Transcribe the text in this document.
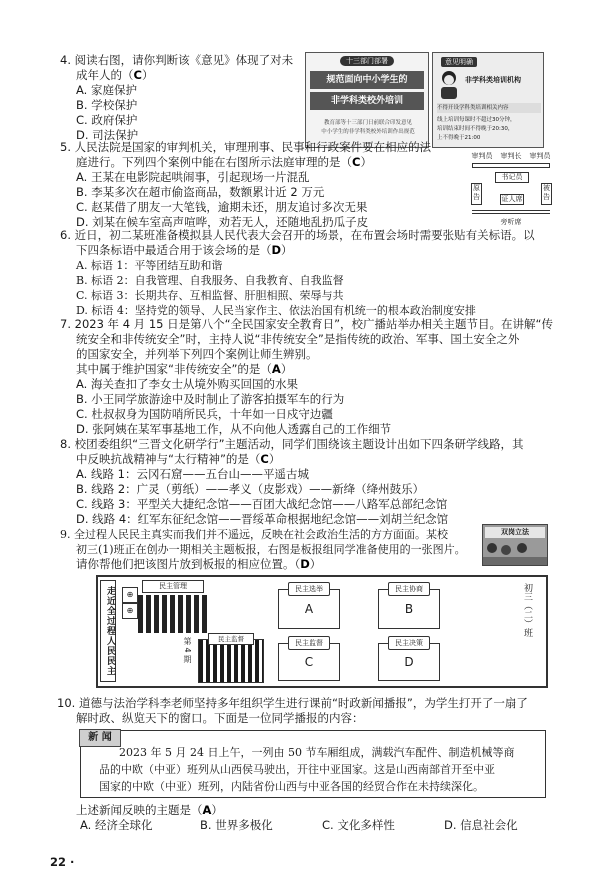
4. 阅读右图，请你判断该《意见》体现了对未
成年人的（C）
A. 家庭保护
B. 学校保护
C. 政府保护
D. 司法保护
十三部门部署
规范面向中小学生的
非学科类校外培训
教育部等十三部门日前联合印发意见
中小学生的非学科类校外培训作出规范
意见明确
非学科类培训机构
不得开设学科类培训相关内容
线上培训每课时不超过30分钟，
培训结束时间不得晚于20:30，
上不得晚于21:00
5. 人民法院是国家的审判机关，审理刑事、民事和行政案件要在相应的法
庭进行。下列四个案例中能在右图所示法庭审理的是（C）
A. 王某在电影院起哄闹事，引起现场一片混乱
B. 李某多次在超市偷盗商品，数额累计近 2 万元
C. 赵某借了朋友一大笔钱，逾期未还，朋友追讨多次无果
D. 刘某在候车室高声喧哗，劝若无人，还随地乱扔瓜子皮
审判员 审判长 审判员
书记员
原告
被告
证人席
旁听席
6. 近日，初二某班准备模拟县人民代表大会召开的场景，在布置会场时需要张贴有关标语。以
下四条标语中最适合用于该会场的是（D）
A. 标语 1：平等团结互助和谐
B. 标语 2：自我管理、自我服务、自我教育、自我监督
C. 标语 3：长期共存、互相监督、肝胆相照、荣辱与共
D. 标语 4：坚持党的领导、人民当家作主、依法治国有机统一的根本政治制度安排
7. 2023 年 4 月 15 日是第八个“全民国家安全教育日”，校广播站举办相关主题节目。在讲解“传
统安全和非传统安全”时，主持人说“非传统安全”是指传统的政治、军事、国土安全之外
的国家安全，并列举下列四个案例让师生辨别。
其中属于维护国家“非传统安全”的是（A）
A. 海关查扣了李女士从境外购买回国的水果
B. 小王同学旅游途中及时制止了游客拍摄军车的行为
C. 杜叔叔身为国防哨所民兵，十年如一日戍守边疆
D. 张阿姨在某军事基地工作，从不向他人透露自己的工作细节
8. 校团委组织“三晋文化研学行”主题活动，同学们围绕该主题设计出如下四条研学线路，其
中反映抗战精神与“太行精神”的是（C）
A. 线路 1：云冈石窟——五台山——平遥古城
B. 线路 2：广灵（剪纸）——孝义（皮影戏）——新绛（绛州鼓乐）
C. 线路 3：平型关大捷纪念馆——百团大战纪念馆——八路军总部纪念馆
D. 线路 4：红军东征纪念馆——晋绥革命根据地纪念馆——刘胡兰纪念馆
9. 全过程人民民主真实而我们并不遥远，反映在社会政治生活的方方面面。某校
初三(1)班正在创办一期相关主题板报，右图是板报组同学准备使用的一张图片。
请你帮他们把该图片放到板报的相应位置。（D）
双岗立法
走近全过程人民民主	民主管理
⊕
⊕
民主监督
第 4 期
民主选举
A
民主协商
B
民主监督
C
民主决策
D
初三（二）班
10. 道德与法治学科李老师坚持多年组织学生进行课前“时政新闻播报”，为学生打开了一扇了
解时政、纵览天下的窗口。下面是一位同学播报的内容：
新 闻
2023 年 5 月 24 日上午，一列由 50 节车厢组成，满载汽车配件、制造机械等商
品的中欧（中亚）班列从山西侯马驶出，开往中亚国家。这是山西南部首开至中亚
国家的中欧（中亚）班列，内陆省份山西与中亚各国的经贸合作在未持续深化。
上述新闻反映的主题是（A）
A. 经济全球化	B. 世界多极化	C. 文化多样性	D. 信息社会化
22 ·
